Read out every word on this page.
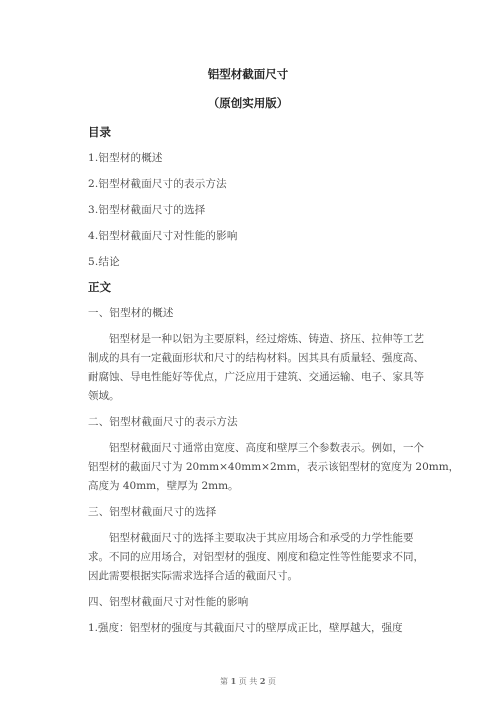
铝型材截面尺寸
（原创实用版）
目录
1.铝型材的概述
2.铝型材截面尺寸的表示方法
3.铝型材截面尺寸的选择
4.铝型材截面尺寸对性能的影响
5.结论
正文
一、铝型材的概述
铝型材是一种以铝为主要原料，经过熔炼、铸造、挤压、拉伸等工艺
制成的具有一定截面形状和尺寸的结构材料。因其具有质量轻、强度高、
耐腐蚀、导电性能好等优点，广泛应用于建筑、交通运输、电子、家具等
领域。
二、铝型材截面尺寸的表示方法
铝型材截面尺寸通常由宽度、高度和壁厚三个参数表示。例如，一个
铝型材的截面尺寸为 20mm×40mm×2mm，表示该铝型材的宽度为 20mm，
高度为 40mm，壁厚为 2mm。
三、铝型材截面尺寸的选择
铝型材截面尺寸的选择主要取决于其应用场合和承受的力学性能要
求。不同的应用场合，对铝型材的强度、刚度和稳定性等性能要求不同，
因此需要根据实际需求选择合适的截面尺寸。
四、铝型材截面尺寸对性能的影响
1.强度：铝型材的强度与其截面尺寸的壁厚成正比，壁厚越大，强度
第 1 页 共 2 页
